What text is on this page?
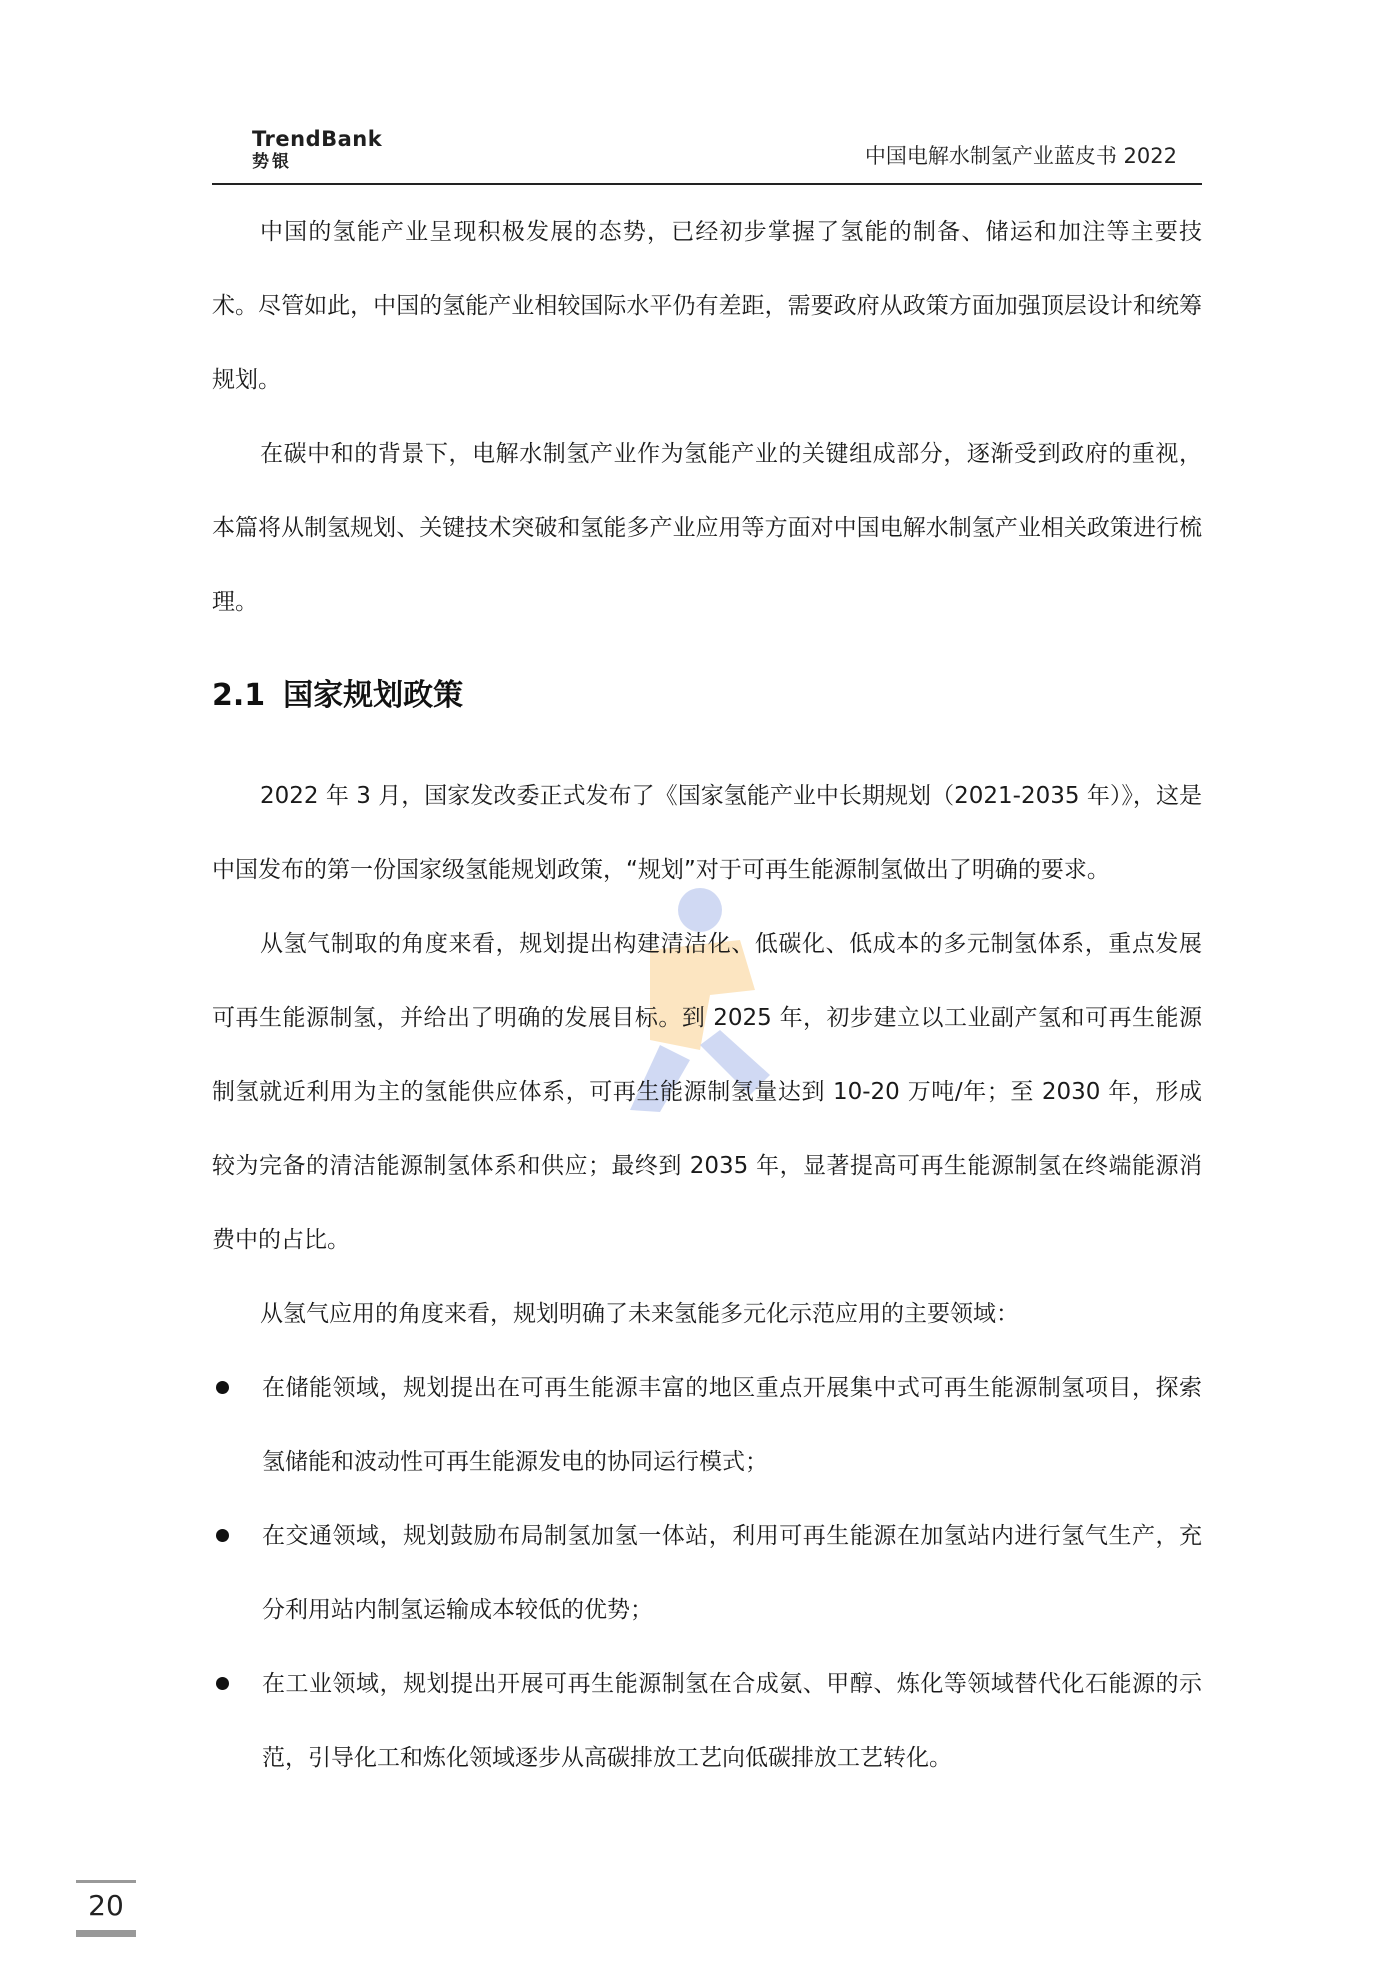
TrendBank
势银	中国电解水制氢产业蓝皮书 2022

中国的氢能产业呈现积极发展的态势，已经初步掌握了氢能的制备、储运和加注等主要技术。尽管如此，中国的氢能产业相较国际水平仍有差距，需要政府从政策方面加强顶层设计和统筹规划。

在碳中和的背景下，电解水制氢产业作为氢能产业的关键组成部分，逐渐受到政府的重视，本篇将从制氢规划、关键技术突破和氢能多产业应用等方面对中国电解水制氢产业相关政策进行梳理。

2.1 国家规划政策

2022 年 3 月，国家发改委正式发布了《国家氢能产业中长期规划（2021-2035 年）》，这是中国发布的第一份国家级氢能规划政策，“规划”对于可再生能源制氢做出了明确的要求。

从氢气制取的角度来看，规划提出构建清洁化、低碳化、低成本的多元制氢体系，重点发展可再生能源制氢，并给出了明确的发展目标。到 2025 年，初步建立以工业副产氢和可再生能源制氢就近利用为主的氢能供应体系，可再生能源制氢量达到 10-20 万吨/年；至 2030 年，形成较为完备的清洁能源制氢体系和供应；最终到 2035 年，显著提高可再生能源制氢在终端能源消费中的占比。

从氢气应用的角度来看，规划明确了未来氢能多元化示范应用的主要领域：

在储能领域，规划提出在可再生能源丰富的地区重点开展集中式可再生能源制氢项目，探索氢储能和波动性可再生能源发电的协同运行模式；
在交通领域，规划鼓励布局制氢加氢一体站，利用可再生能源在加氢站内进行氢气生产，充分利用站内制氢运输成本较低的优势；
在工业领域，规划提出开展可再生能源制氢在合成氨、甲醇、炼化等领域替代化石能源的示范，引导化工和炼化领域逐步从高碳排放工艺向低碳排放工艺转化。
20
